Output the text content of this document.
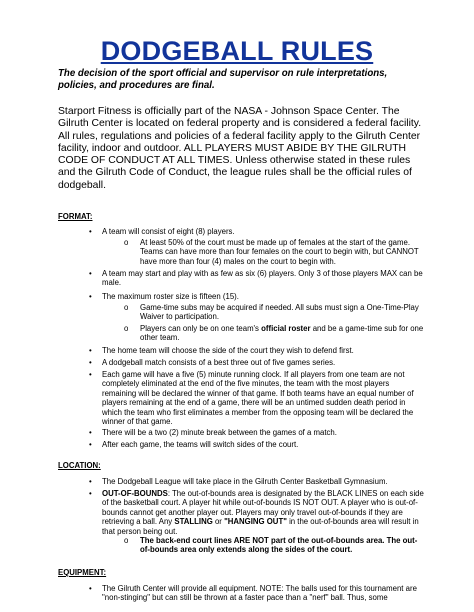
DODGEBALL RULES
The decision of the sport official and supervisor on rule interpretations, policies, and procedures are final.
Starport Fitness is officially part of the NASA - Johnson Space Center. The Gilruth Center is located on federal property and is considered a federal facility. All rules, regulations and policies of a federal facility apply to the Gilruth Center facility, indoor and outdoor. ALL PLAYERS MUST ABIDE BY THE GILRUTH CODE OF CONDUCT AT ALL TIMES. Unless otherwise stated in these rules and the Gilruth Code of Conduct, the league rules shall be the official rules of dodgeball.
FORMAT:
• A team will consist of eight (8) players.
o At least 50% of the court must be made up of females at the start of the game. Teams can have more than four females on the court to begin with, but CANNOT have more than four (4) males on the court to begin with.
• A team may start and play with as few as six (6) players. Only 3 of those players MAX can be male.
• The maximum roster size is fifteen (15).
o Game-time subs may be acquired if needed. All subs must sign a One-Time-Play Waiver to participation.
o Players can only be on one team's official roster and be a game-time sub for one other team.
• The home team will choose the side of the court they wish to defend first.
• A dodgeball match consists of a best three out of five games series.
• Each game will have a five (5) minute running clock. If all players from one team are not completely eliminated at the end of the five minutes, the team with the most players remaining will be declared the winner of that game. If both teams have an equal number of players remaining at the end of a game, there will be an untimed sudden death period in which the team who first eliminates a member from the opposing team will be declared the winner of that game.
• There will be a two (2) minute break between the games of a match.
• After each game, the teams will switch sides of the court.
LOCATION:
• The Dodgeball League will take place in the Gilruth Center Basketball Gymnasium.
• OUT-OF-BOUNDS: The out-of-bounds area is designated by the BLACK LINES on each side of the basketball court. A player hit while out-of-bounds IS NOT OUT. A player who is out-of-bounds cannot get another player out. Players may only travel out-of-bounds if they are retrieving a ball. Any STALLING or "HANGING OUT" in the out-of-bounds area will result in that person being out.
o The back-end court lines ARE NOT part of the out-of-bounds area. The out-of-bounds area only extends along the sides of the court.
EQUIPMENT:
• The Gilruth Center will provide all equipment. NOTE: The balls used for this tournament are "non-stinging" but can still be thrown at a faster pace than a "nerf" ball. Thus, some
